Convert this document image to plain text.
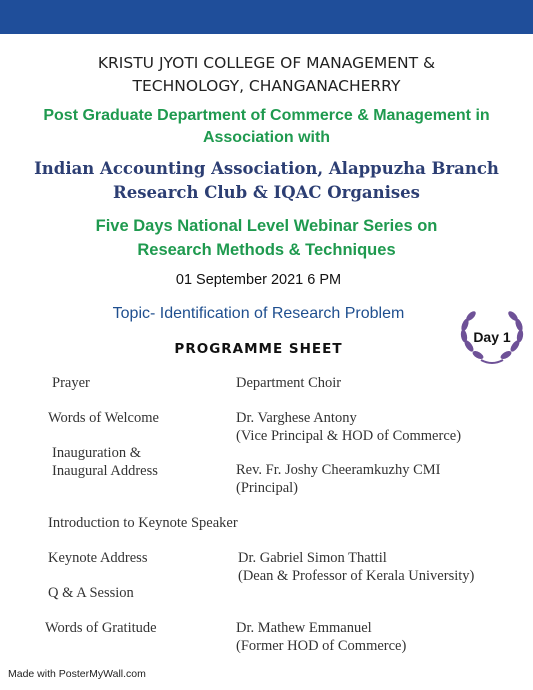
KRISTU JYOTI COLLEGE OF MANAGEMENT &
TECHNOLOGY, CHANGANACHERRY
Post Graduate Department of Commerce & Management in
Association with
Indian Accounting Association, Alappuzha Branch
Research Club & IQAC Organises
Five Days National Level Webinar Series on
Research Methods & Techniques
01 September 2021 6 PM
Topic- Identification of Research Problem
PROGRAMME SHEET
Day 1
Prayer	Department Choir
Words of Welcome	Dr. Varghese Antony
(Vice Principal & HOD of Commerce)
Inauguration &
Inaugural Address	Rev. Fr. Joshy Cheeramkuzhy CMI
(Principal)
Introduction to Keynote Speaker
Keynote Address	Dr. Gabriel Simon Thattil
(Dean & Professor of Kerala University)
Q & A Session
Words of Gratitude	Dr. Mathew Emmanuel
(Former HOD of Commerce)
Made with PosterMyWall.com
